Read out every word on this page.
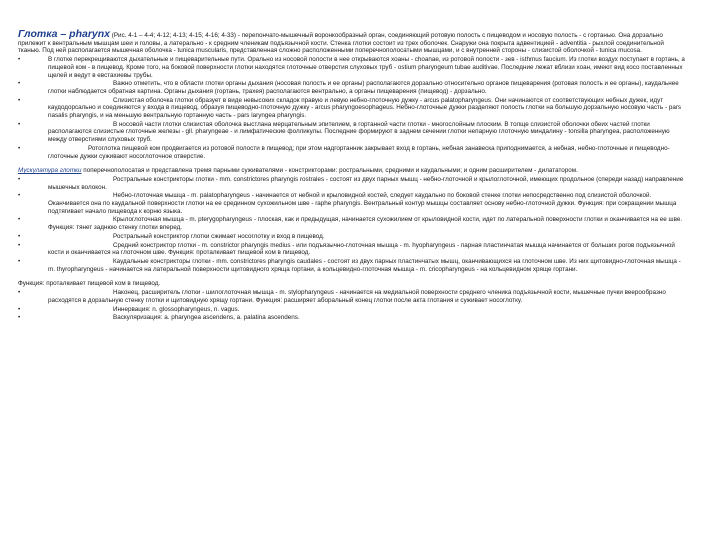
Глотка – pharynx (Рис. 4-1 – 4-4; 4-12; 4-13; 4-15; 4-16; 4-33) - перепончато-мышечный воронкообразный орган, соединяющий ротовую полость с пищеводом и носовую полость - с гортанью. Она дорзально прилежит к вентральным мышцам шеи и головы, а латерально - к средним членикам подъязычной кости. Стенка глотки состоит из трех оболочек. Снаружи она покрыта адвентицией - adventitia - рыхлой соединительной тканью. Под ней располагается мышечная оболочка - tunica muscularis, представленная сложно расположенными поперечнополосатыми мышцами, и с внутренней стороны - слизистой оболочкой - tunica mucosa.

•	В глотке перекрещиваются дыхательные и пищеварительные пути. Орально из носовой полости в нее открываются хоаны - choanae, из ротовой полости - зев - isthmus faucium. Из глотки воздух поступает в гортань, а пищевой ком - в пищевод. Кроме того, на боковой поверхности глотки находятся глоточные отверстия слуховых труб - ostium pharyngeum tubae auditivae. Последние лежат вблизи хоан, имеют вид косо поставленных щелей и ведут в евстахиевы трубы.
•	Важно отметить, что в области глотки органы дыхания (носовая полость и ее органы) располагаются дорзально относительно органов пищеварения (ротовая полость и ее органы), каудальнее глотки наблюдается обратная картина. Органы дыхания (гортань, трахея) располагаются вентрально, а органы пищеварения (пищевод) - дорзально.
•	Слизистая оболочка глотки образует в виде невысоких складок правую и левую небно-глоточную дужку - arcus palatopharyngeus. Они начинаются от соответствующих небных дужек, идут каудодорсально и соединяются у входа в пищевод, образуя пищеводно-глоточную дужку - arcus pharyngoesophageus. Небно-глоточные дужки разделяют полость глотки на большую дорзальную носовую часть - pars nasalis pharyngis, и на меньшую вентральную гортанную часть - pars laryngea pharyngis.
•	В носовой части глотки слизистая оболочка выстлана мерцательным эпителием, в гортанной части глотки - многослойным плоским. В толще слизистой оболочки обеих частей глотки располагаются слизистые глоточные железы - gll. pharyngeae - и лимфатические фолликулы. Последние формируют в заднем сечении глотки непарную глоточную миндалину - tonsilla pharyngea, расположенную между отверстиями слуховых труб.
•	Ротоглотка пищевой ком продвигается из ротовой полости в пищевод; при этом надгортанник закрывает вход в гортань, небная занавеска приподнимается, а небная, небно-глоточные и пищеводно-глоточные дужки суживают носоглоточное отверстие.

Мускулатура глотки поперечнополосатая и представлена тремя парными суживателями - констрикторами: ростральными, средними и каудальными; и одним расширителем - дилататором.

•	Ростральные констрикторы глотки - mm. constrictores pharyngis rostrales - состоят из двух парных мышц - небно-глоточной и крылоглоточной, имеющих продольное (спереди назад) направление мышечных волокон.
•	Небно-глоточная мышца - m. palatopharyngeus - начинается от небной и крыловидной костей, следует каудально по боковой стенке глотки непосредственно под слизистой оболочкой. Оканчивается она по каудальной поверхности глотки на ее срединном сухожильном шве - raphe pharyngis. Вентральный контур мышцы составляет основу небно-глоточной дужки. Функция: при сокращении мышца подтягивает начало пищевода к корню языка.
•	Крылоглоточная мышца - m. pterygopharyngeus - плоская, как и предыдущая, начинается сухожилием от крыловидной кости, идет по латеральной поверхности глотки и оканчивается на ее шве. Функция: тянет заднюю стенку глотки вперед.
•	Ростральный констриктор глотки сжимает носоглотку и вход в пищевод.
•	Средний констриктор глотки - m. constrictor pharyngis medius - или подъязычно-глоточная мышца - m. hyopharyngeus - парная пластинчатая мышца начинается от больших рогов подъязычной кости и оканчивается на глоточном шве. Функция: проталкивает пищевой ком в пищевод.
•	Каудальные констрикторы глотки - mm. constrictores pharyngis caudales - состоят из двух парных пластинчатых мышц, оканчивающихся на глоточном шве. Из них щитовидно-глоточная мышца - m. thyropharyngeus - начинается на латеральной поверхности щитовидного хряща гортани, а кольцевидно-глоточная мышца - m. cricopharyngeus - на кольцевидном хряще гортани.

Функция: проталкивает пищевой ком в пищевод.

•	Наконец, расширитель глотки - шилоглоточная мышца - m. stylopharyngeus - начинается на медиальной поверхности среднего членика подъязычной кости, мышечные пучки веерообразно расходятся в дорзальную стенку глотки и щитовидную хрящу гортани. Функция: расширяет аборальный конец глотки после акта глотания и суживает носоглотку.
•	Иннервация: n. glossopharyngeus, n. vagus.
•	Васкуляризация: a. pharyngea ascendens, a. palatina ascendens.
